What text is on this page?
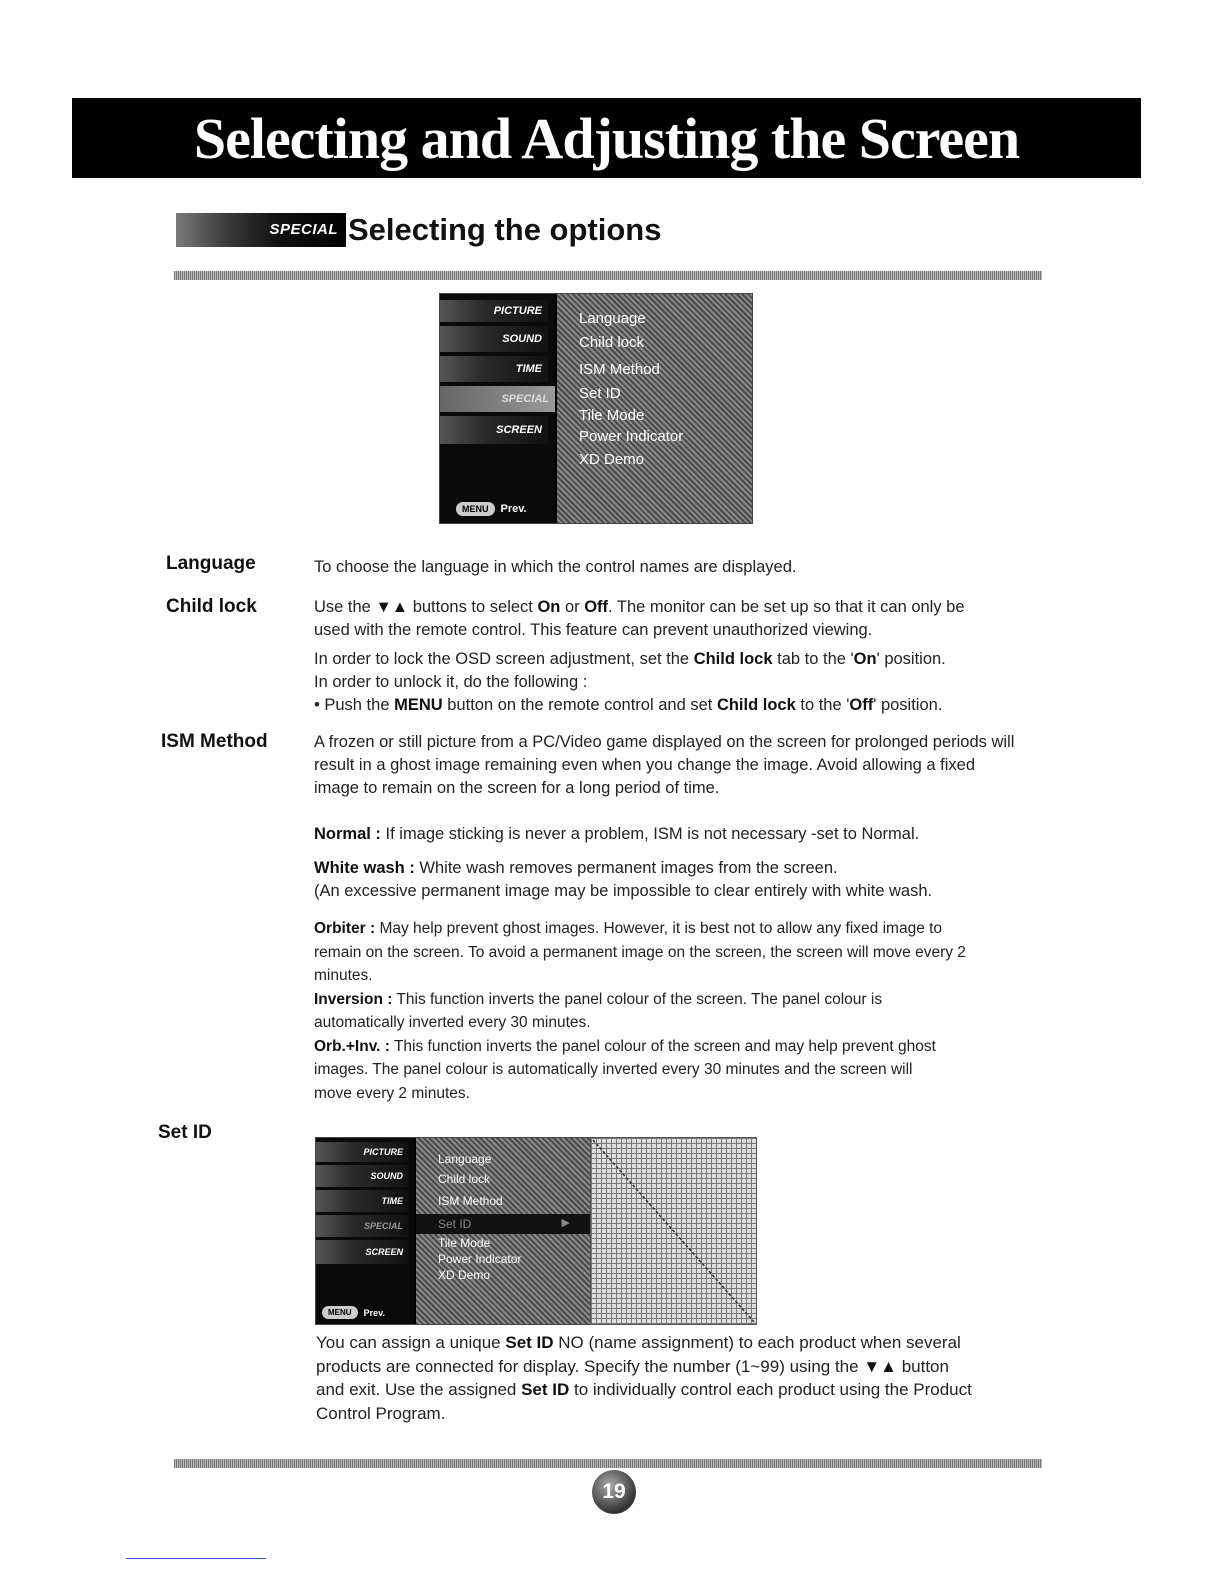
Selecting and Adjusting the Screen
SPECIAL Selecting the options
PICTURE
SOUND
TIME
SPECIAL
SCREEN
MENU	Prev.
Language
Child lock
ISM Method
Set ID
Tile Mode
Power Indicator
XD Demo
Language	To choose the language in which the control names are displayed.
Child lock	Use the ▼▲ buttons to select On or Off. The monitor can be set up so that it can only be
used with the remote control. This feature can prevent unauthorized viewing.
In order to lock the OSD screen adjustment, set the Child lock tab to the 'On' position.
In order to unlock it, do the following :
• Push the MENU button on the remote control and set Child lock to the 'Off' position.
ISM Method	A frozen or still picture from a PC/Video game displayed on the screen for prolonged periods will
result in a ghost image remaining even when you change the image. Avoid allowing a fixed
image to remain on the screen for a long period of time.
Normal : If image sticking is never a problem, ISM is not necessary -set to Normal.
White wash : White wash removes permanent images from the screen.
(An excessive permanent image may be impossible to clear entirely with white wash.
Orbiter : May help prevent ghost images. However, it is best not to allow any fixed image to
remain on the screen. To avoid a permanent image on the screen, the screen will move every 2
minutes.
Inversion : This function inverts the panel colour of the screen. The panel colour is
automatically inverted every 30 minutes.
Orb.+Inv. : This function inverts the panel colour of the screen and may help prevent ghost
images. The panel colour is automatically inverted every 30 minutes and the screen will
move every 2 minutes.
Set ID
PICTURE
SOUND
TIME
SPECIAL
SCREEN
MENU	Prev.
Language
Child lock
ISM Method
Set ID	▶
Tile Mode
Power Indicator
XD Demo
You can assign a unique Set ID NO (name assignment) to each product when several
products are connected for display. Specify the number (1~99) using the ▼▲ button
and exit. Use the assigned Set ID to individually control each product using the Product
Control Program.
19
